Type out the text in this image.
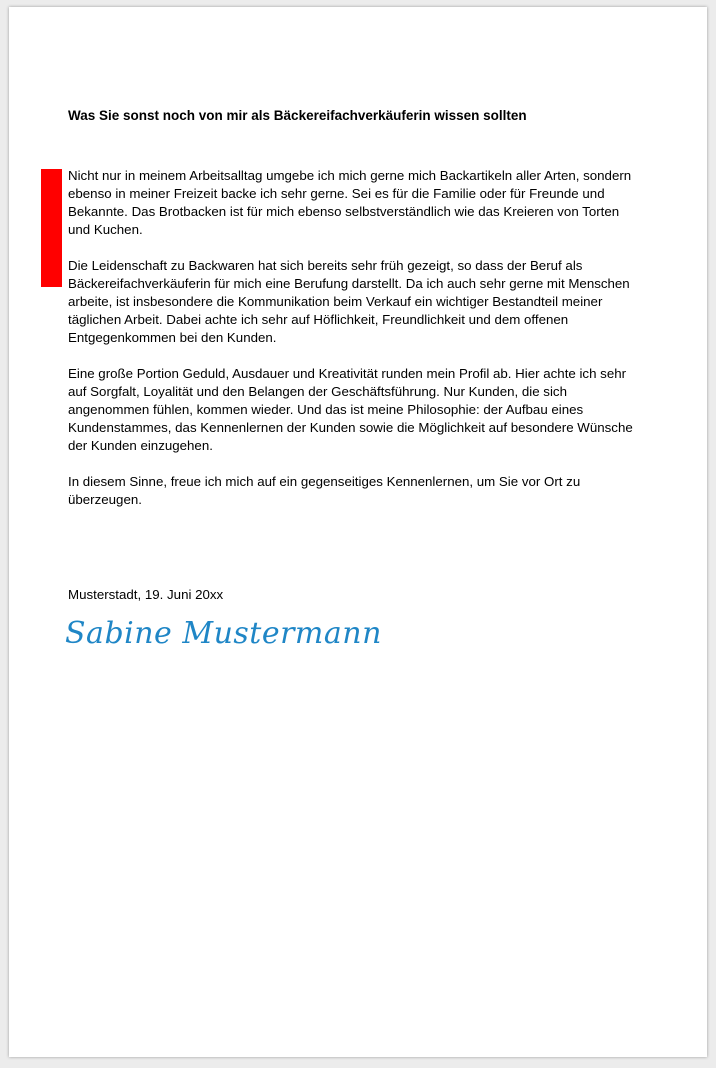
Was Sie sonst noch von mir als Bäckereifachverkäuferin wissen sollten

Nicht nur in meinem Arbeitsalltag umgebe ich mich gerne mich Backartikeln aller Arten, sondern ebenso in meiner Freizeit backe ich sehr gerne. Sei es für die Familie oder für Freunde und Bekannte. Das Brotbacken ist für mich ebenso selbstverständlich wie das Kreieren von Torten und Kuchen.

Die Leidenschaft zu Backwaren hat sich bereits sehr früh gezeigt, so dass der Beruf als Bäckereifachverkäuferin für mich eine Berufung darstellt. Da ich auch sehr gerne mit Menschen arbeite, ist insbesondere die Kommunikation beim Verkauf ein wichtiger Bestandteil meiner täglichen Arbeit. Dabei achte ich sehr auf Höflichkeit, Freundlichkeit und dem offenen Entgegenkommen bei den Kunden.

Eine große Portion Geduld, Ausdauer und Kreativität runden mein Profil ab. Hier achte ich sehr auf Sorgfalt, Loyalität und den Belangen der Geschäftsführung. Nur Kunden, die sich angenommen fühlen, kommen wieder. Und das ist meine Philosophie: der Aufbau eines Kundenstammes, das Kennenlernen der Kunden sowie die Möglichkeit auf besondere Wünsche der Kunden einzugehen.

In diesem Sinne, freue ich mich auf ein gegenseitiges Kennenlernen, um Sie vor Ort zu überzeugen.

Musterstadt, 19. Juni 20xx
Sabine Mustermann
